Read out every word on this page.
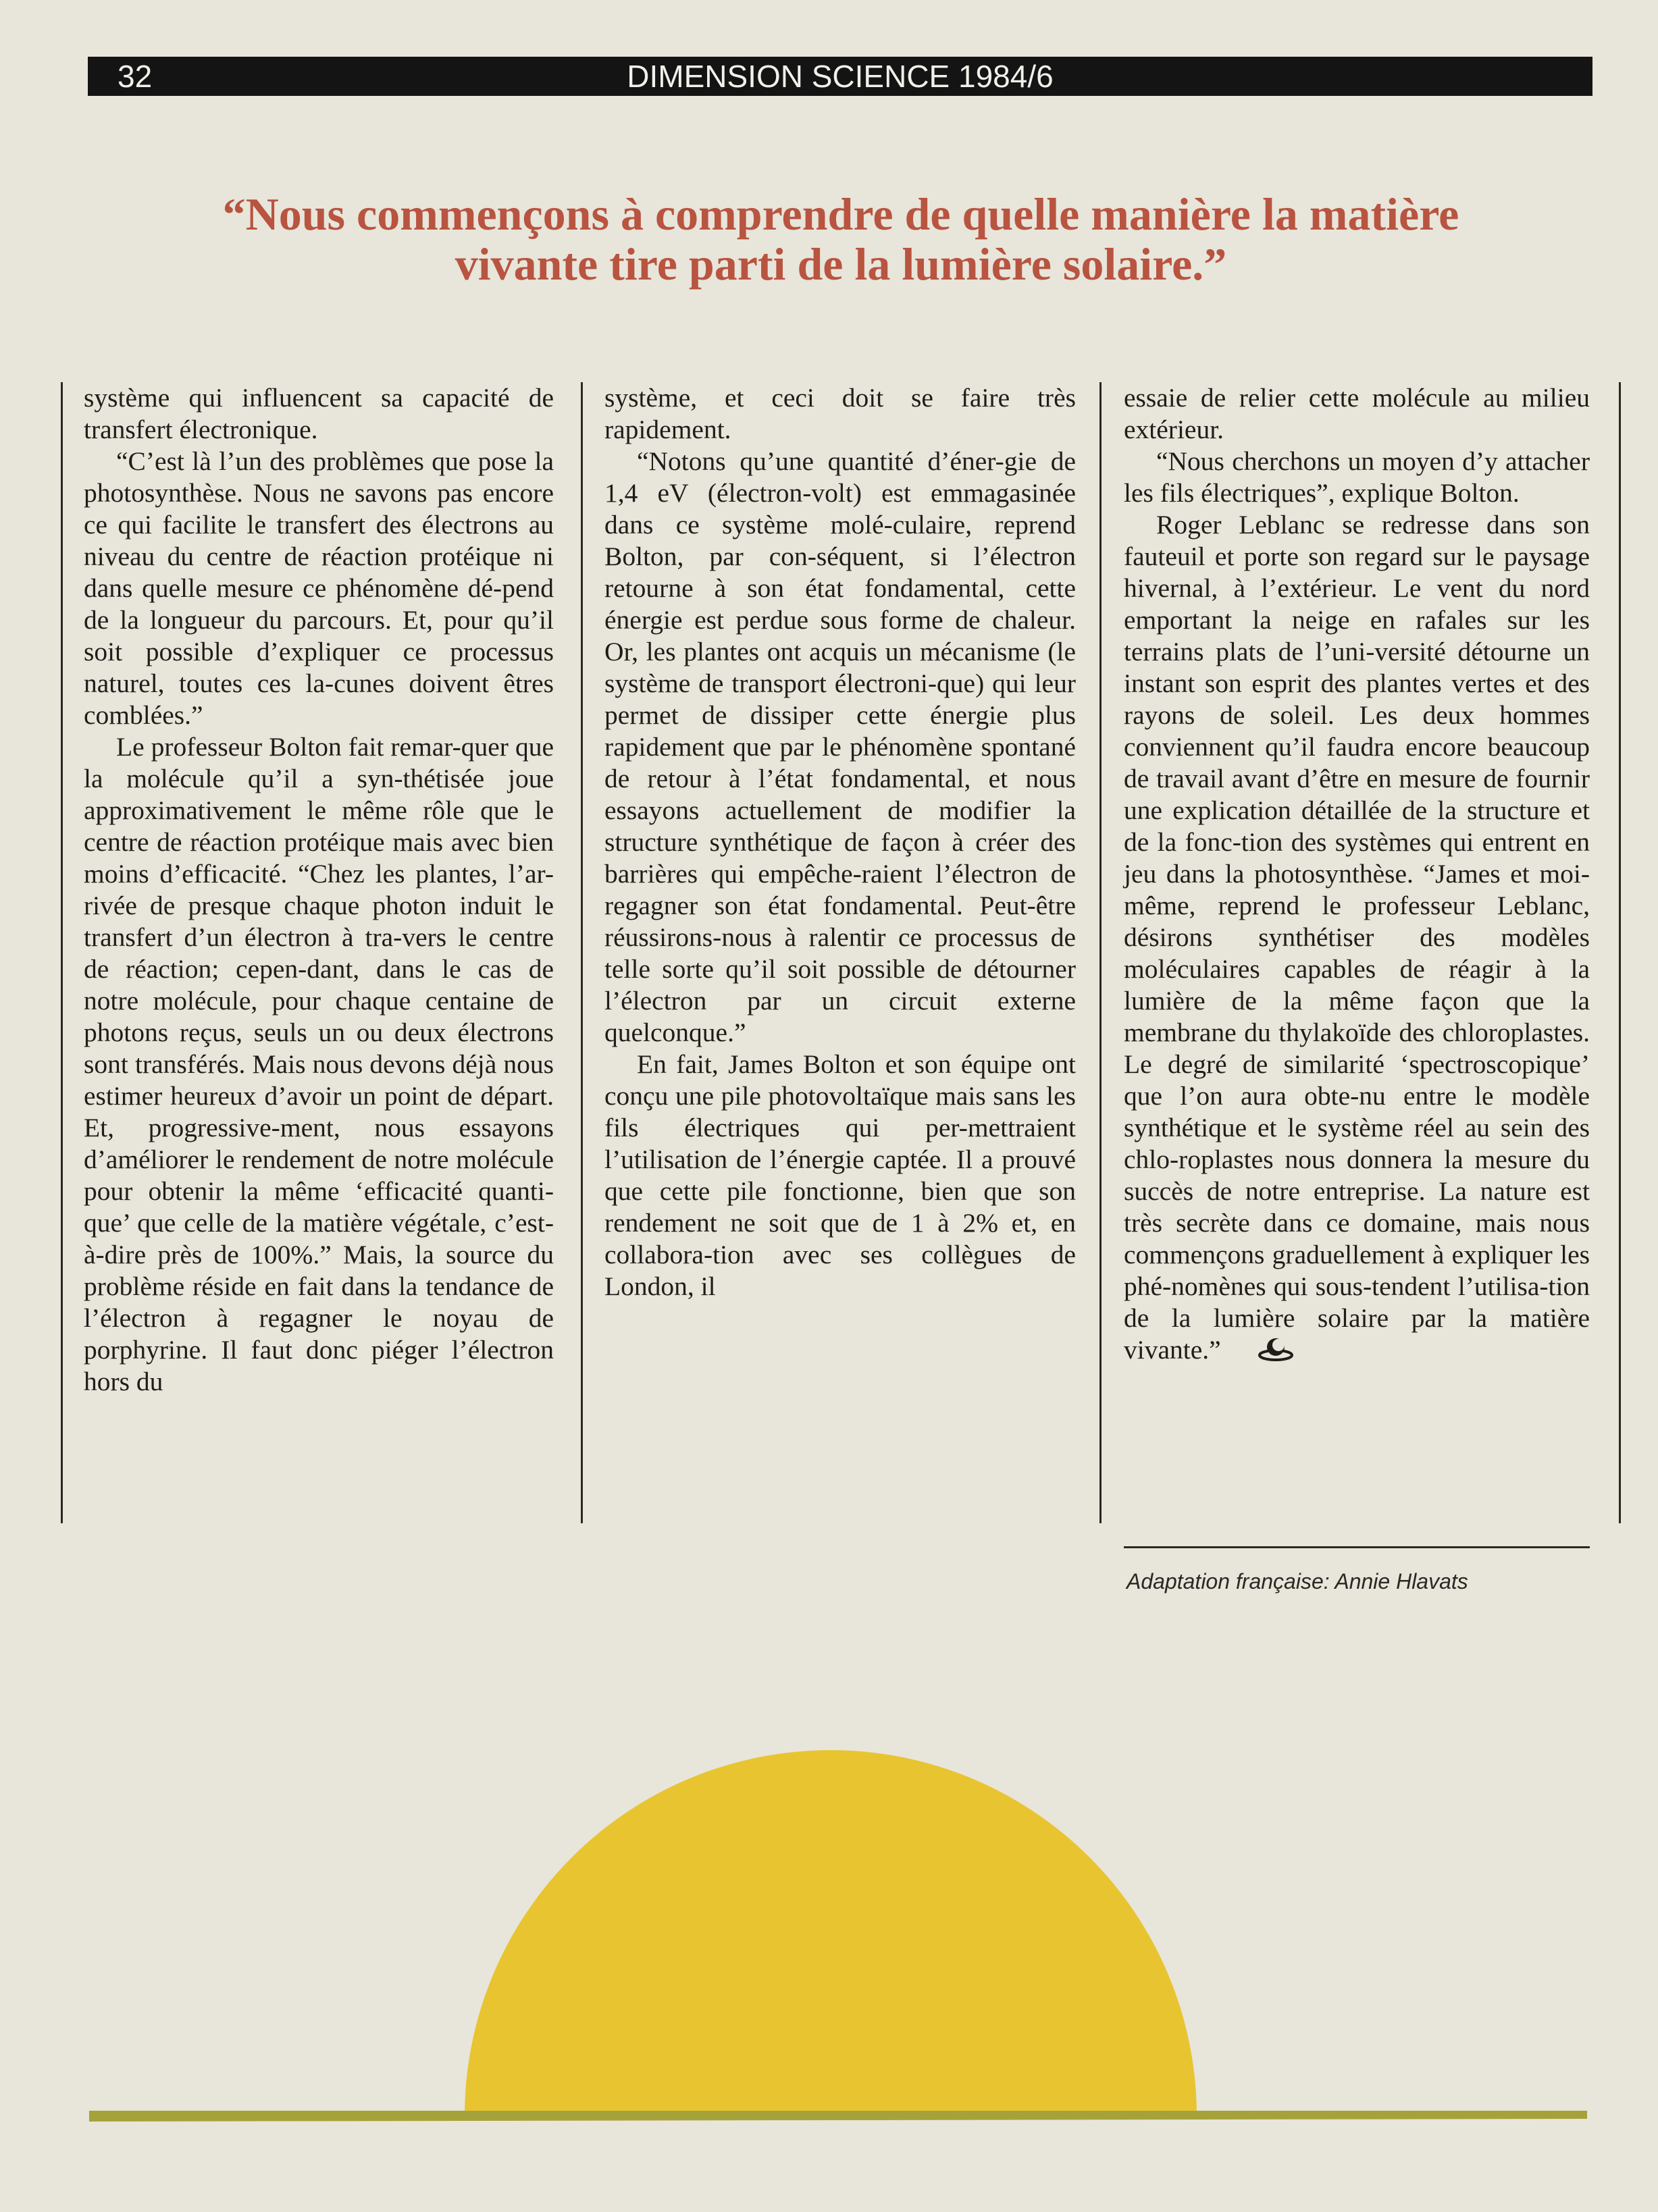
32	DIMENSION SCIENCE 1984/6
“Nous commençons à comprendre de quelle manière la matière
vivante tire parti de la lumière solaire.”

système qui influencent sa capacité de transfert électronique.

“C’est là l’un des problèmes que pose la photosynthèse. Nous ne savons pas encore ce qui facilite le transfert des électrons au niveau du centre de réaction protéique ni dans quelle mesure ce phénomène dé-pend de la longueur du parcours. Et, pour qu’il soit possible d’expliquer ce processus naturel, toutes ces la-cunes doivent êtres comblées.”

Le professeur Bolton fait remar-quer que la molécule qu’il a syn-thétisée joue approximativement le même rôle que le centre de réaction protéique mais avec bien moins d’efficacité. “Chez les plantes, l’ar-rivée de presque chaque photon induit le transfert d’un électron à tra-vers le centre de réaction; cepen-dant, dans le cas de notre molécule, pour chaque centaine de photons reçus, seuls un ou deux électrons sont transférés. Mais nous devons déjà nous estimer heureux d’avoir un point de départ. Et, progressive-ment, nous essayons d’améliorer le rendement de notre molécule pour obtenir la même ‘efficacité quanti-que’ que celle de la matière végétale, c’est-à-dire près de 100%.” Mais, la source du problème réside en fait dans la tendance de l’électron à regagner le noyau de porphyrine. Il faut donc piéger l’électron hors du

système, et ceci doit se faire très rapidement.

“Notons qu’une quantité d’éner-gie de 1,4 eV (électron-volt) est emmagasinée dans ce système molé-culaire, reprend Bolton, par con-séquent, si l’électron retourne à son état fondamental, cette énergie est perdue sous forme de chaleur. Or, les plantes ont acquis un mécanisme (le système de transport électroni-que) qui leur permet de dissiper cette énergie plus rapidement que par le phénomène spontané de retour à l’état fondamental, et nous essayons actuellement de modifier la structure synthétique de façon à créer des barrières qui empêche-raient l’électron de regagner son état fondamental. Peut-être réussirons-nous à ralentir ce processus de telle sorte qu’il soit possible de détourner l’électron par un circuit externe quelconque.”

En fait, James Bolton et son équipe ont conçu une pile photovoltaïque mais sans les fils électriques qui per-mettraient l’utilisation de l’énergie captée. Il a prouvé que cette pile fonctionne, bien que son rendement ne soit que de 1 à 2% et, en collabora-tion avec ses collègues de London, il

essaie de relier cette molécule au milieu extérieur.

“Nous cherchons un moyen d’y attacher les fils électriques”, explique Bolton.

Roger Leblanc se redresse dans son fauteuil et porte son regard sur le paysage hivernal, à l’extérieur. Le vent du nord emportant la neige en rafales sur les terrains plats de l’uni-versité détourne un instant son esprit des plantes vertes et des rayons de soleil. Les deux hommes conviennent qu’il faudra encore beaucoup de travail avant d’être en mesure de fournir une explication détaillée de la structure et de la fonc-tion des systèmes qui entrent en jeu dans la photosynthèse. “James et moi-même, reprend le professeur Leblanc, désirons synthétiser des modèles moléculaires capables de réagir à la lumière de la même façon que la membrane du thylakoïde des chloroplastes. Le degré de similarité ‘spectroscopique’ que l’on aura obte-nu entre le modèle synthétique et le système réel au sein des chlo-roplastes nous donnera la mesure du succès de notre entreprise. La nature est très secrète dans ce domaine, mais nous commençons graduellement à expliquer les phé-nomènes qui sous-tendent l’utilisa-tion de la lumière solaire par la matière vivante.”

Adaptation française: Annie Hlavats
